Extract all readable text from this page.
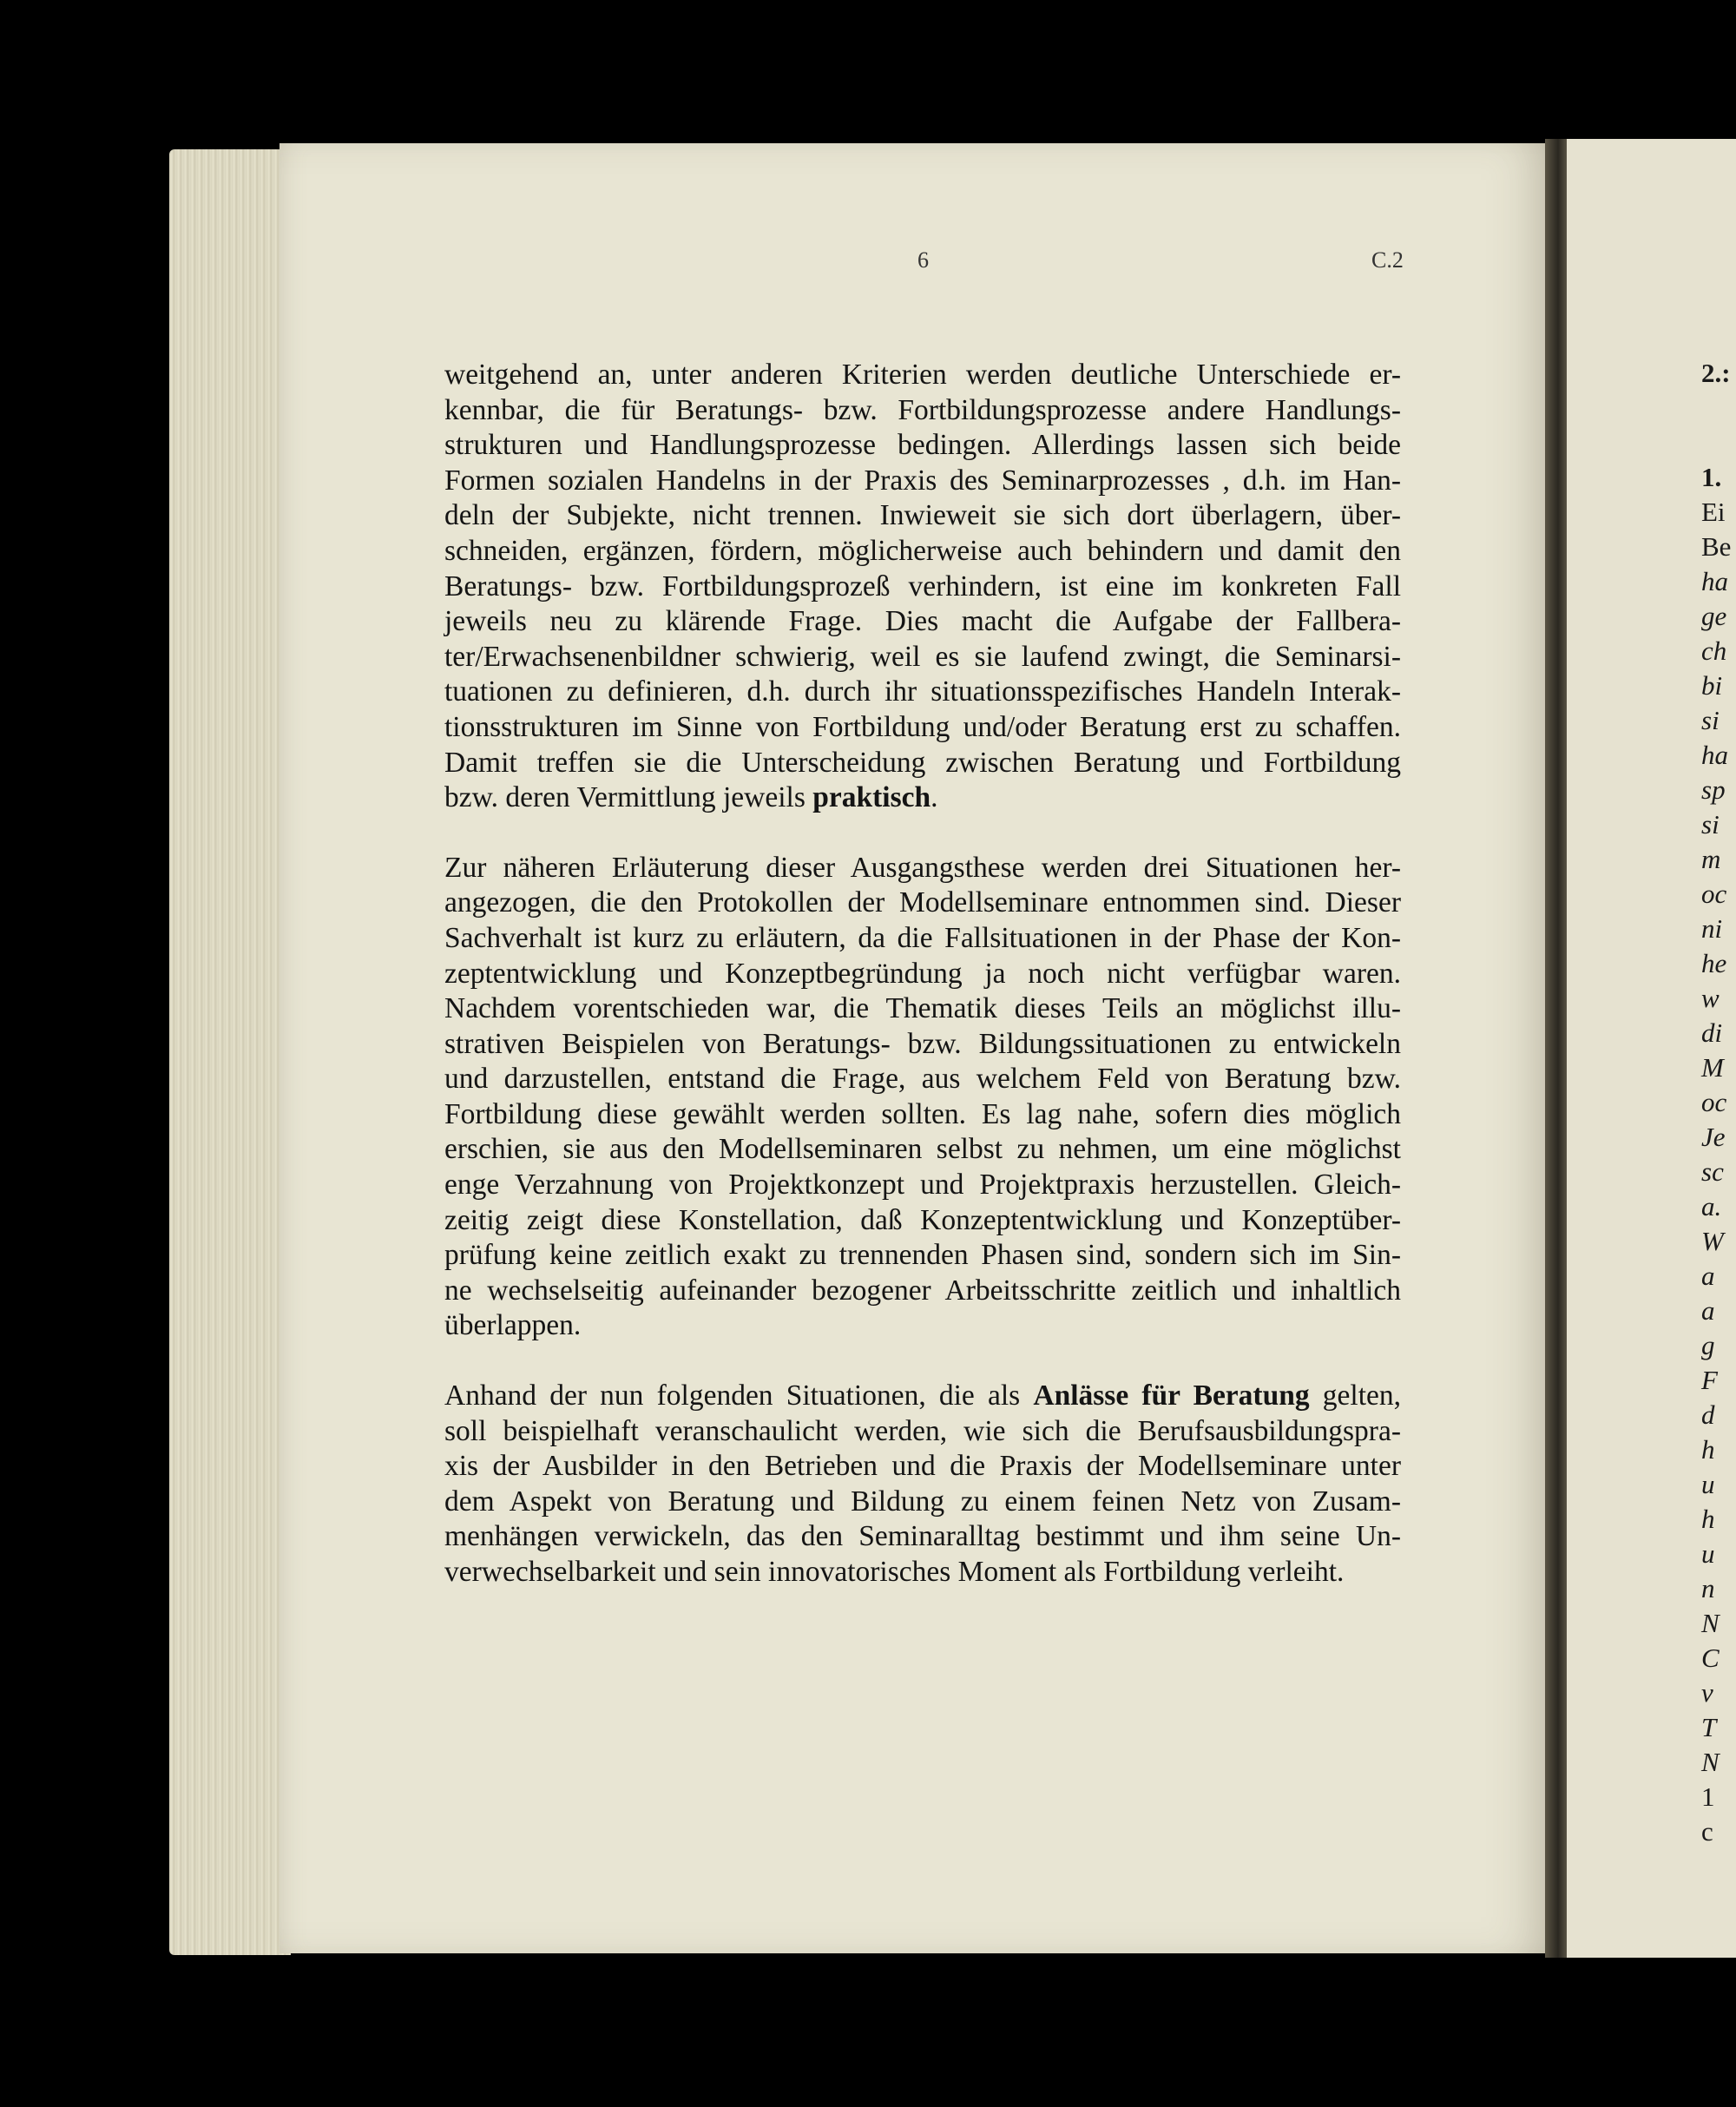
6	C.2
weitgehend an, unter anderen Kriterien werden deutliche Unterschiede er-
kennbar, die für Beratungs- bzw. Fortbildungsprozesse andere Handlungs-
strukturen und Handlungsprozesse bedingen. Allerdings lassen sich beide
Formen sozialen Handelns in der Praxis des Seminarprozesses , d.h. im Han-
deln der Subjekte, nicht trennen. Inwieweit sie sich dort überlagern, über-
schneiden, ergänzen, fördern, möglicherweise auch behindern und damit den
Beratungs- bzw. Fortbildungsprozeß verhindern, ist eine im konkreten Fall
jeweils neu zu klärende Frage. Dies macht die Aufgabe der Fallbera-
ter/Erwachsenenbildner schwierig, weil es sie laufend zwingt, die Seminarsi-
tuationen zu definieren, d.h. durch ihr situationsspezifisches Handeln Interak-
tionsstrukturen im Sinne von Fortbildung und/oder Beratung erst zu schaffen.
Damit treffen sie die Unterscheidung zwischen Beratung und Fortbildung
bzw. deren Vermittlung jeweils praktisch.
Zur näheren Erläuterung dieser Ausgangsthese werden drei Situationen her-
angezogen, die den Protokollen der Modellseminare entnommen sind. Dieser
Sachverhalt ist kurz zu erläutern, da die Fallsituationen in der Phase der Kon-
zeptentwicklung und Konzeptbegründung ja noch nicht verfügbar waren.
Nachdem vorentschieden war, die Thematik dieses Teils an möglichst illu-
strativen Beispielen von Beratungs- bzw. Bildungssituationen zu entwickeln
und darzustellen, entstand die Frage, aus welchem Feld von Beratung bzw.
Fortbildung diese gewählt werden sollten. Es lag nahe, sofern dies möglich
erschien, sie aus den Modellseminaren selbst zu nehmen, um eine möglichst
enge Verzahnung von Projektkonzept und Projektpraxis herzustellen. Gleich-
zeitig zeigt diese Konstellation, daß Konzeptentwicklung und Konzeptüber-
prüfung keine zeitlich exakt zu trennenden Phasen sind, sondern sich im Sin-
ne wechselseitig aufeinander bezogener Arbeitsschritte zeitlich und inhaltlich
überlappen.
Anhand der nun folgenden Situationen, die als Anlässe für Beratung gelten,
soll beispielhaft veranschaulicht werden, wie sich die Berufsausbildungspra-
xis der Ausbilder in den Betrieben und die Praxis der Modellseminare unter
dem Aspekt von Beratung und Bildung zu einem feinen Netz von Zusam-
menhängen verwickeln, das den Seminaralltag bestimmt und ihm seine Un-
verwechselbarkeit und sein innovatorisches Moment als Fortbildung verleiht.
2.:
1.
Ei
Be
ha
ge
ch
bi
si
ha
sp
si
m
oc
ni
he
w
di
M
oc
Je
sc
a.
W
a
a
g
F
d
h
u
h
u
n
N
C
v
T
N
1
c
